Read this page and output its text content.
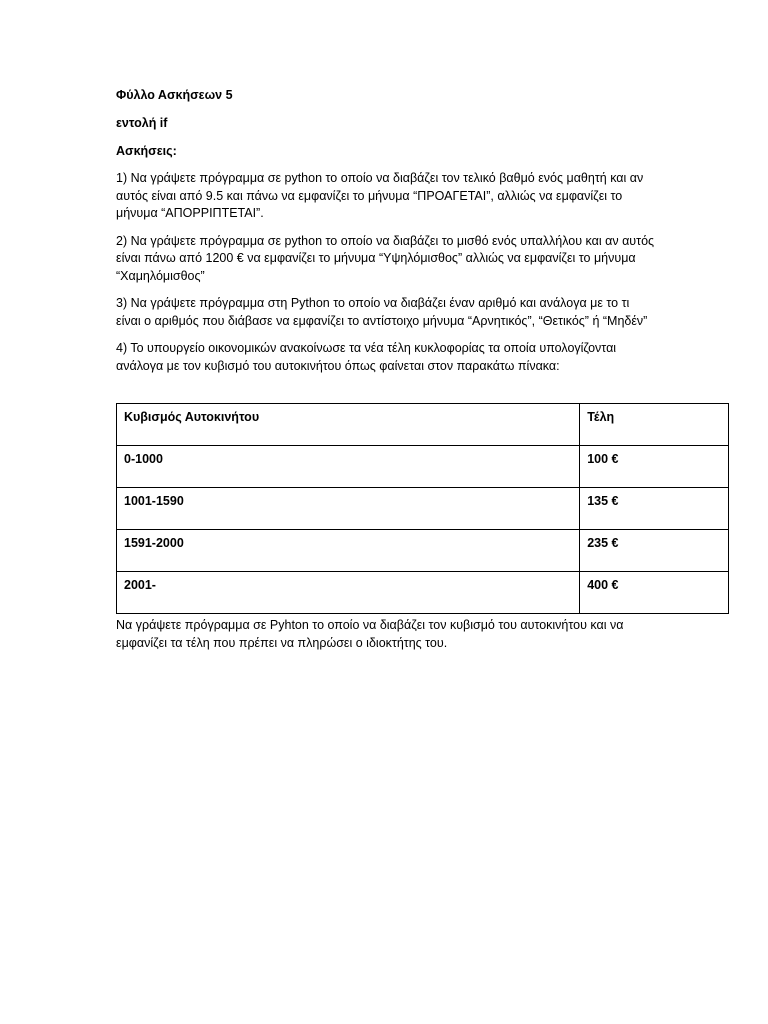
Φύλλο Ασκήσεων 5

εντολή if

Ασκήσεις:

1) Να γράψετε πρόγραμμα σε python το οποίο να διαβάζει τον τελικό βαθμό ενός μαθητή και αν αυτός είναι από 9.5 και πάνω να εμφανίζει το μήνυμα “ΠΡΟΑΓΕΤΑΙ”, αλλιώς να εμφανίζει το μήνυμα “ΑΠΟΡΡΙΠΤΕΤΑΙ”.

2) Να γράψετε πρόγραμμα σε python το οποίο να διαβάζει το μισθό ενός υπαλλήλου και αν αυτός είναι πάνω από 1200 € να εμφανίζει το μήνυμα “Υψηλόμισθος” αλλιώς να εμφανίζει το μήνυμα “Χαμηλόμισθος”

3) Να γράψετε πρόγραμμα στη Python το οποίο να διαβάζει έναν αριθμό και ανάλογα με το τι είναι ο αριθμός που διάβασε να εμφανίζει το αντίστοιχο μήνυμα “Αρνητικός”, “Θετικός” ή “Μηδέν”

4) Το υπουργείο οικονομικών ανακοίνωσε τα νέα τέλη κυκλοφορίας τα οποία υπολογίζονται ανάλογα με τον κυβισμό του αυτοκινήτου όπως φαίνεται στον παρακάτω πίνακα:

Κυβισμός Αυτοκινήτου	Τέλη
0-1000	100 €
1001-1590	135 €
1591-2000	235 €
2001-	400 €

Να γράψετε πρόγραμμα σε Pyhton το οποίο να διαβάζει τον κυβισμό του αυτοκινήτου και να εμφανίζει τα τέλη που πρέπει να πληρώσει ο ιδιοκτήτης του.
